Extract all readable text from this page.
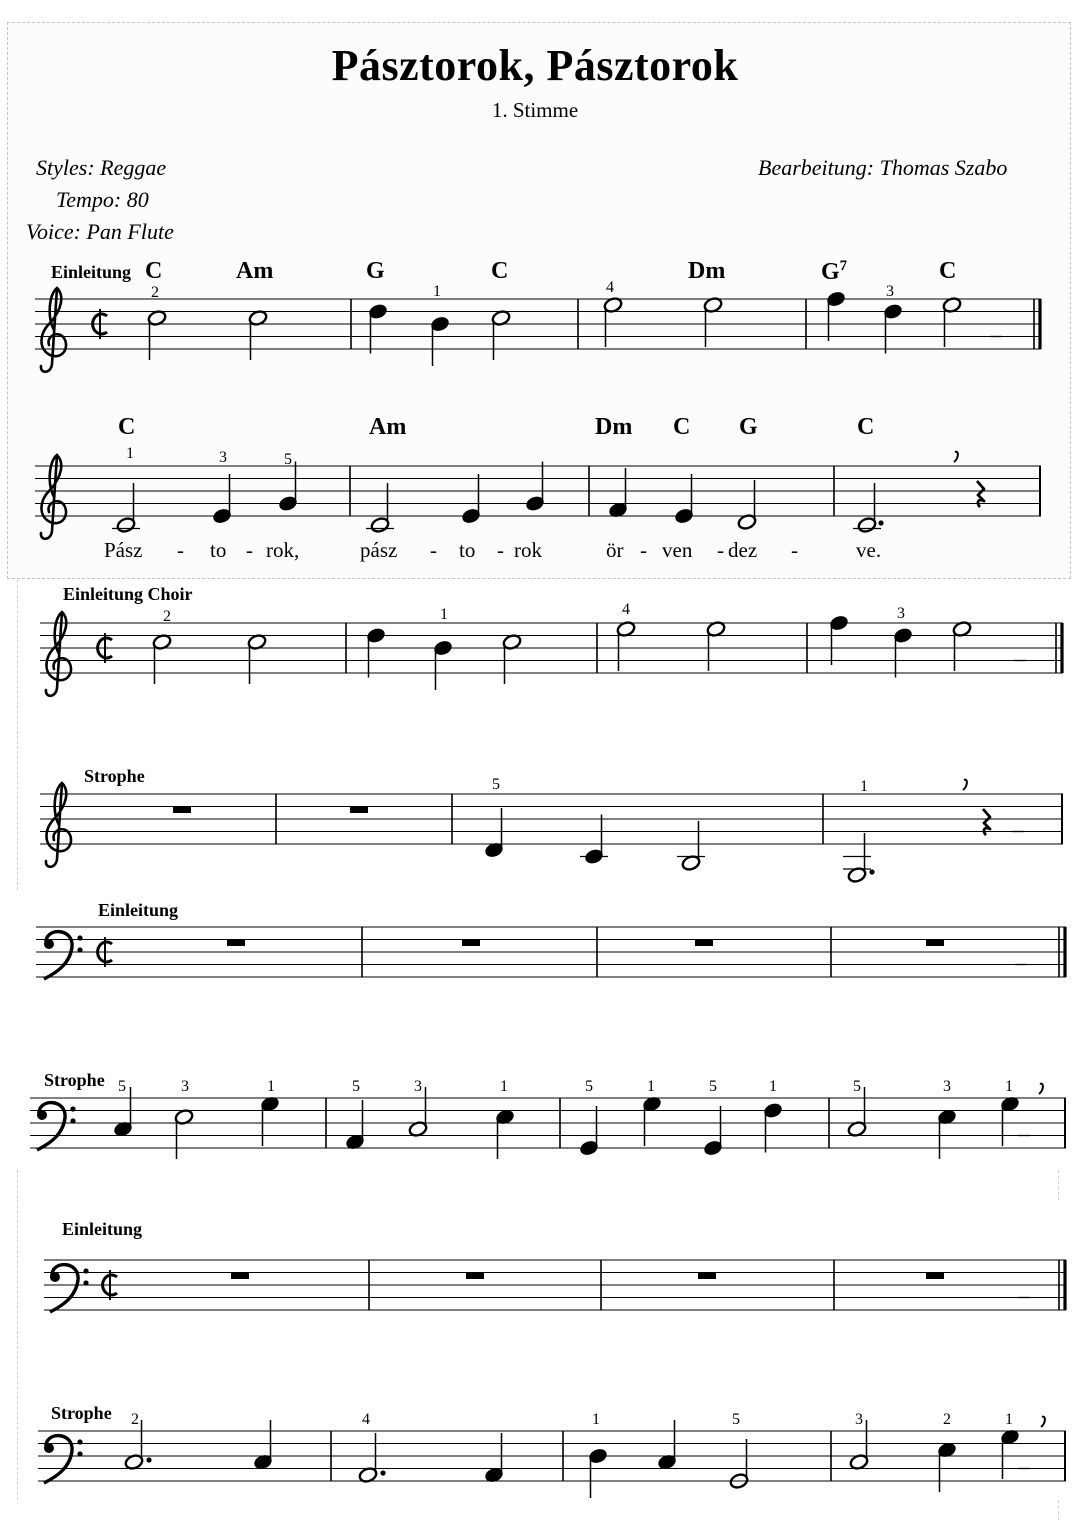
Pásztorok, Pásztorok
1. Stimme
Styles: Reggae
Tempo: 80
Voice: Pan Flute
Bearbeitung: Thomas Szabo
C	Am	G	C	Dm	C
$G^7$
Einleitung
2	1	4	3
C	Am	Dm C G	C
1	3	5
Pász - to - rok,	pász - to - rok	ör - ven - dez -	ve.
Einleitung Choir
2	1	4	3
Strophe	5	1
Einleitung
Strophe 5	3	1	5	3	1	5	1	5	1	5	3	1
Einleitung
Strophe 2	4	1	5	3	2	1
